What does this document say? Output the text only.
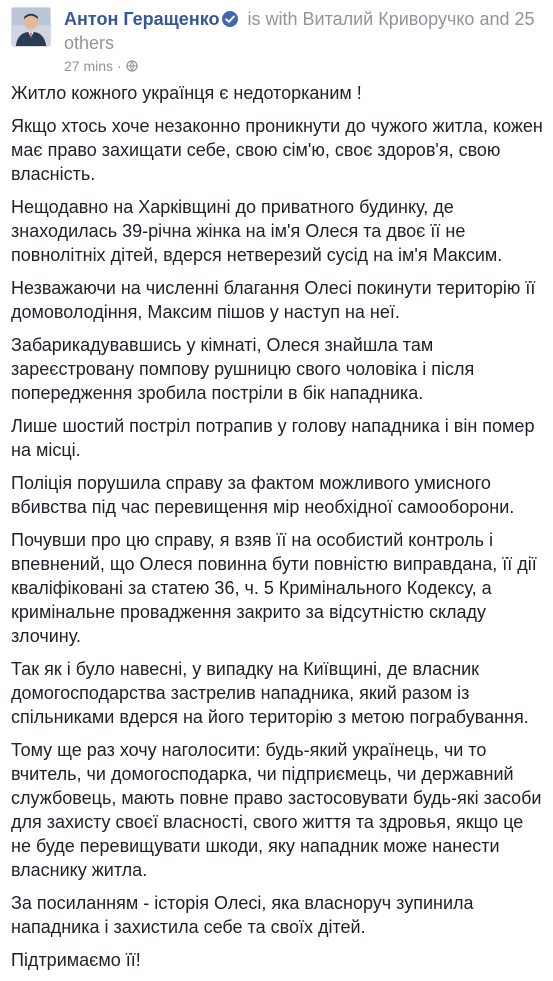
Антон Геращенко is with Виталий Криворучко and 25 others
27 mins ·

Житло кожного українця є недоторканим !

Якщо хтось хоче незаконно проникнути до чужого житла, кожен має право захищати себе, свою сім'ю, своє здоров'я, свою власність.

Нещодавно на Харківщині до приватного будинку, де знаходилась 39-річна жінка на ім'я Олеся та двоє її не повнолітніх дітей, вдерся нетверезий сусід на ім'я Максим.

Незважаючи на численні благання Олесі покинути територію її домоволодіння, Максим пішов у наступ на неї.

Забарикадувавшись у кімнаті, Олеся знайшла там зареєстровану помпову рушницю свого чоловіка і після попередження зробила постріли в бік нападника.

Лише шостий постріл потрапив у голову нападника і він помер на місці.

Поліція порушила справу за фактом можливого умисного вбивства під час перевищення мір необхідної самооборони.

Почувши про цю справу, я взяв її на особистий контроль і впевнений, що Олеся повинна бути повністю виправдана, її дії кваліфіковані за статею 36, ч. 5 Кримінального Кодексу, а кримінальне провадження закрито за відсутністю складу злочину.

Так як і було навесні, у випадку на Київщині, де власник домогосподарства застрелив нападника, який разом із спільниками вдерся на його територію з метою пограбування.

Тому ще раз хочу наголосити: будь-який українець, чи то вчитель, чи домогосподарка, чи підприємець, чи державний службовець, мають повне право застосовувати будь-які засоби для захисту своєї власності, свого життя та здровья, якщо це не буде перевищувати шкоди, яку нападник може нанести власнику житла.

За посиланням - історія Олесі, яка власноруч зупинила нападника і захистила себе та своїх дітей.

Підтримаємо її!
